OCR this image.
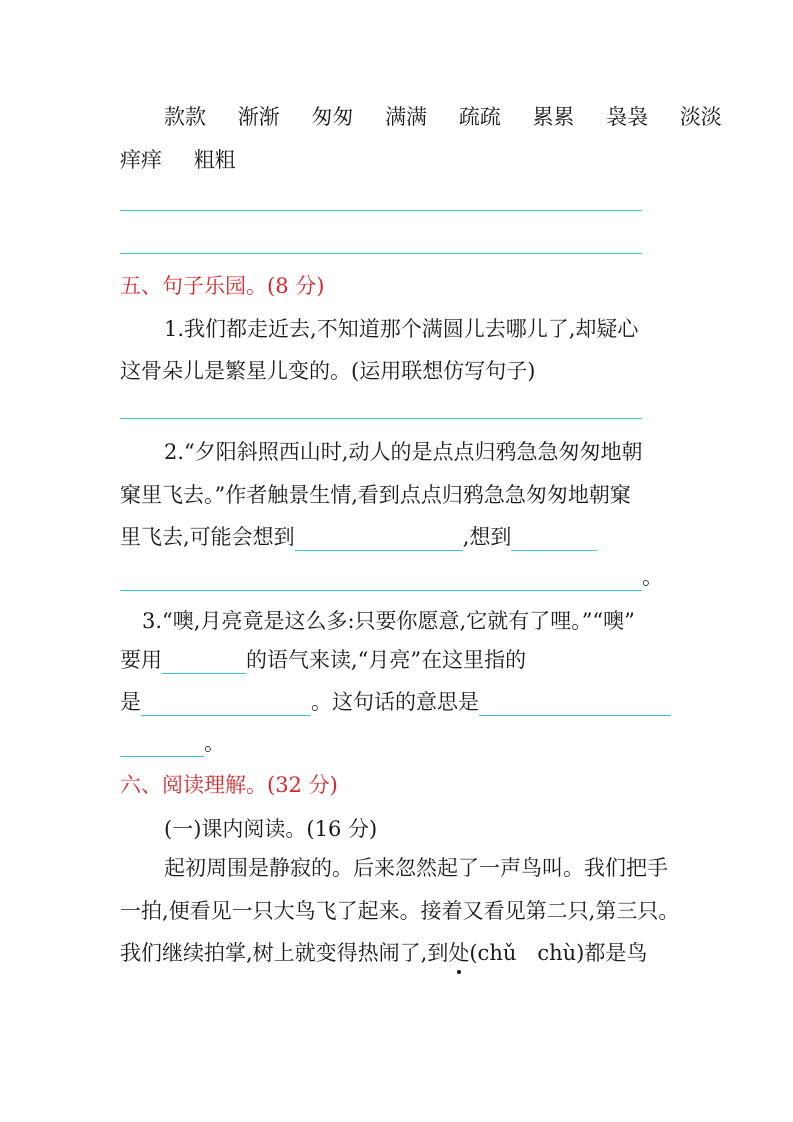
款款 渐渐 匆匆 满满 疏疏 累累 袅袅 淡淡
痒痒 粗粗
五、句子乐园。(8 分)
1.我们都走近去,不知道那个满圆儿去哪儿了,却疑心
这骨朵儿是繁星儿变的。(运用联想仿写句子)
2.“夕阳斜照西山时,动人的是点点归鸦急急匆匆地朝
窠里飞去。”作者触景生情,看到点点归鸦急急匆匆地朝窠
里飞去,可能会想到	,想到
。
3.“噢,月亮竟是这么多:只要你愿意,它就有了哩。”“噢”
要用	的语气来读,“月亮”在这里指的
是	。这句话的意思是
。
六、阅读理解。(32 分)
(一)课内阅读。(16 分)
起初周围是静寂的。后来忽然起了一声鸟叫。我们把手
一拍,便看见一只大鸟飞了起来。接着又看见第二只,第三只。
我们继续拍掌,树上就变得热闹了,到处(chǔ　chù)都是鸟
